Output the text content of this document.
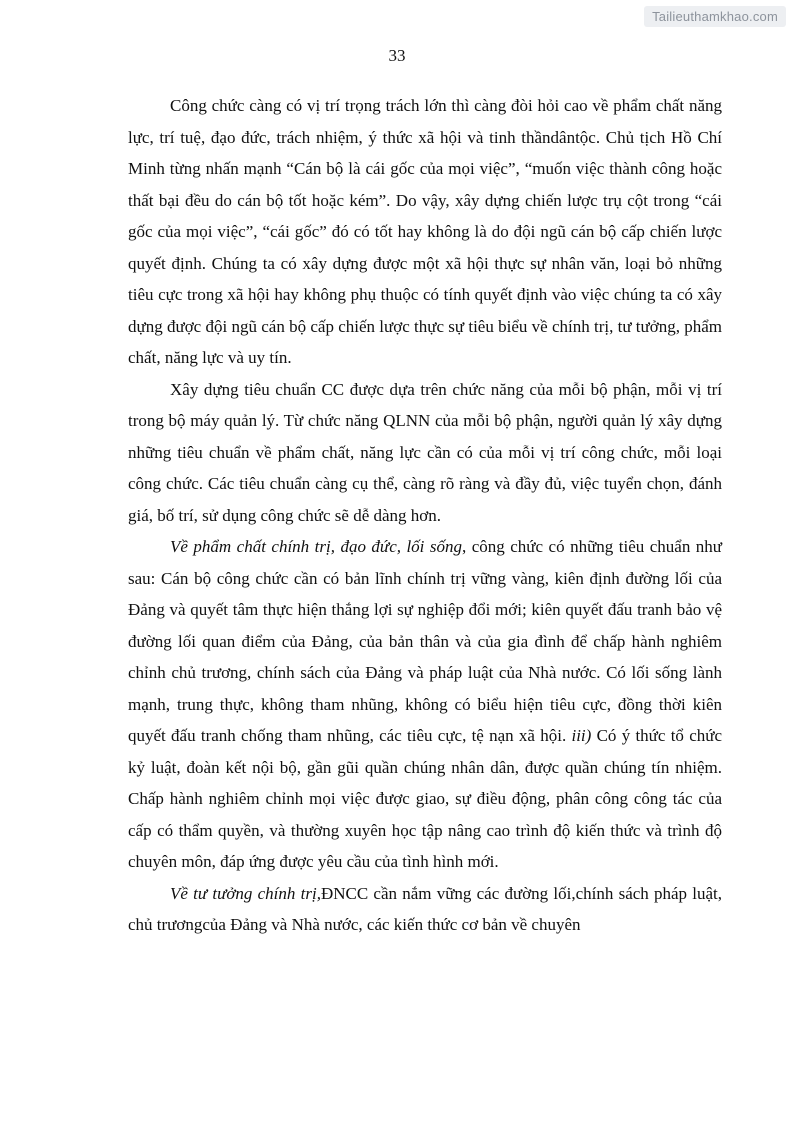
Tailieuthamkhao.com
33

Công chức càng có vị trí trọng trách lớn thì càng đòi hỏi cao về phẩm chất năng lực, trí tuệ, đạo đức, trách nhiệm, ý thức xã hội và tinh thầndântộc. Chủ tịch Hồ Chí Minh từng nhấn mạnh “Cán bộ là cái gốc của mọi việc”, “muốn việc thành công hoặc thất bại đều do cán bộ tốt hoặc kém”. Do vậy, xây dựng chiến lược trụ cột trong “cái gốc của mọi việc”, “cái gốc” đó có tốt hay không là do đội ngũ cán bộ cấp chiến lược quyết định. Chúng ta có xây dựng được một xã hội thực sự nhân văn, loại bỏ những tiêu cực trong xã hội hay không phụ thuộc có tính quyết định vào việc chúng ta có xây dựng được đội ngũ cán bộ cấp chiến lược thực sự tiêu biểu về chính trị, tư tưởng, phẩm chất, năng lực và uy tín.

Xây dựng tiêu chuẩn CC được dựa trên chức năng của mỗi bộ phận, mỗi vị trí trong bộ máy quản lý. Từ chức năng QLNN của mỗi bộ phận, người quản lý xây dựng những tiêu chuẩn về phẩm chất, năng lực cần có của mỗi vị trí công chức, mỗi loại công chức. Các tiêu chuẩn càng cụ thể, càng rõ ràng và đầy đủ, việc tuyển chọn, đánh giá, bố trí, sử dụng công chức sẽ dễ dàng hơn.

Về phẩm chất chính trị, đạo đức, lối sống, công chức có những tiêu chuẩn như sau: Cán bộ công chức cần có bản lĩnh chính trị vững vàng, kiên định đường lối của Đảng và quyết tâm thực hiện thắng lợi sự nghiệp đổi mới; kiên quyết đấu tranh bảo vệ đường lối quan điểm của Đảng, của bản thân và của gia đình để chấp hành nghiêm chỉnh chủ trương, chính sách của Đảng và pháp luật của Nhà nước. Có lối sống lành mạnh, trung thực, không tham nhũng, không có biểu hiện tiêu cực, đồng thời kiên quyết đấu tranh chống tham nhũng, các tiêu cực, tệ nạn xã hội. iii) Có ý thức tổ chức kỷ luật, đoàn kết nội bộ, gần gũi quần chúng nhân dân, được quần chúng tín nhiệm. Chấp hành nghiêm chỉnh mọi việc được giao, sự điều động, phân công công tác của cấp có thẩm quyền, và thường xuyên học tập nâng cao trình độ kiến thức và trình độ chuyên môn, đáp ứng được yêu cầu của tình hình mới.

Về tư tưởng chính trị,ĐNCC cần nắm vững các đường lối,chính sách pháp luật, chủ trươngcủa Đảng và Nhà nước, các kiến thức cơ bản về chuyên
